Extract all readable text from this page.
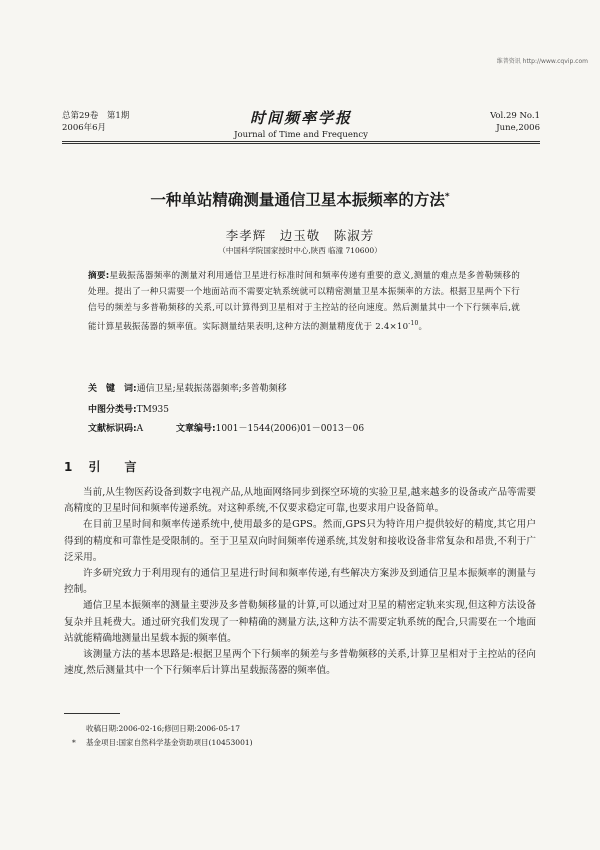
维普资讯 http://www.cqvip.com
总第29卷　第1期
2006年6月
时间频率学报
Journal of Time and Frequency
Vol.29 No.1
June,2006
一种单站精确测量通信卫星本振频率的方法*
李孝辉　边玉敬　陈淑芳
（中国科学院国家授时中心,陕西 临潼 710600）
摘要:星载振荡器频率的测量对利用通信卫星进行标准时间和频率传递有重要的意义,测量的难点是多普勒频移的处理。提出了一种只需要一个地面站而不需要定轨系统就可以精密测量卫星本振频率的方法。根据卫星两个下行信号的频差与多普勒频移的关系,可以计算得到卫星相对于主控站的径向速度。然后测量其中一个下行频率后,就能计算星载振荡器的频率值。实际测量结果表明,这种方法的测量精度优于 $2.4\times 10^{-10}$。
关　键　词:通信卫星;星载振荡器频率;多普勒频移
中图分类号:TM935
文献标识码:A	文章编号:1001－1544(2006)01－0013－06
1 引　言

当前,从生物医药设备到数字电视产品,从地面网络同步到探空环境的实验卫星,越来越多的设备或产品等需要高精度的卫星时间和频率传递系统。对这种系统,不仅要求稳定可靠,也要求用户设备简单。

在目前卫星时间和频率传递系统中,使用最多的是GPS。然而,GPS只为特许用户提供较好的精度,其它用户得到的精度和可靠性是受限制的。至于卫星双向时间频率传递系统,其发射和接收设备非常复杂和昂贵,不利于广泛采用。

许多研究致力于利用现有的通信卫星进行时间和频率传递,有些解决方案涉及到通信卫星本振频率的测量与控制。

通信卫星本振频率的测量主要涉及多普勒频移量的计算,可以通过对卫星的精密定轨来实现,但这种方法设备复杂并且耗费大。通过研究我们发现了一种精确的测量方法,这种方法不需要定轨系统的配合,只需要在一个地面站就能精确地测量出星载本振的频率值。

该测量方法的基本思路是:根据卫星两个下行频率的频差与多普勒频移的关系,计算卫星相对于主控站的径向速度,然后测量其中一个下行频率后计算出星载振荡器的频率值。

收稿日期:2006-02-16;修回日期:2006-05-17
* 基金项目:国家自然科学基金资助项目(10453001)
